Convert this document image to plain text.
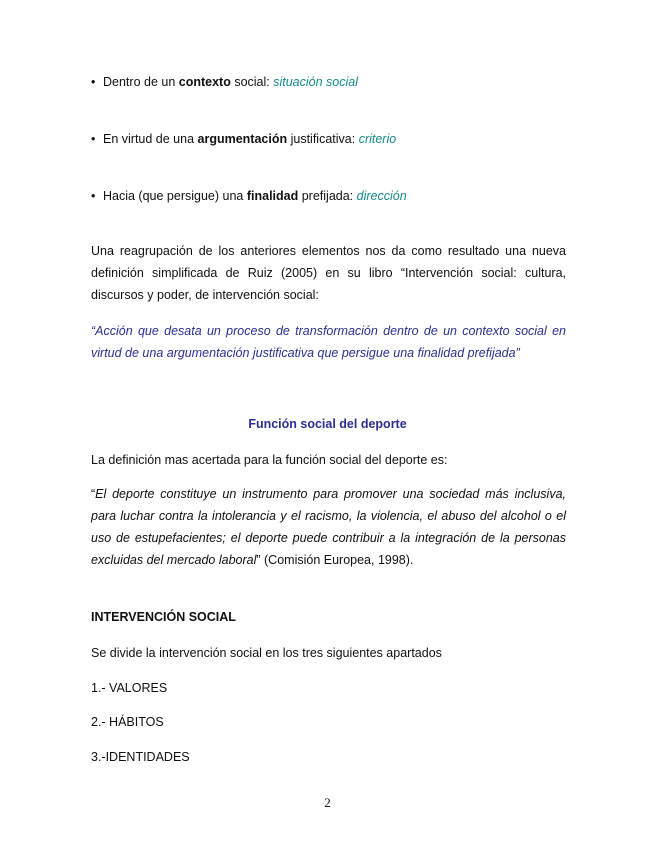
• Dentro de un contexto social: situación social
• En virtud de una argumentación justificativa: criterio
• Hacia (que persigue) una finalidad prefijada: dirección

Una reagrupación de los anteriores elementos nos da como resultado una nueva definición simplificada de Ruiz (2005) en su libro “Intervención social: cultura, discursos y poder, de intervención social:

“Acción que desata un proceso de transformación dentro de un contexto social en virtud de una argumentación justificativa que persigue una finalidad prefijada”

Función social del deporte

La definición mas acertada para la función social del deporte es:

“El deporte constituye un instrumento para promover una sociedad más inclusiva, para luchar contra la intolerancia y el racismo, la violencia, el abuso del alcohol o el uso de estupefacientes; el deporte puede contribuir a la integración de la personas excluidas del mercado laboral” (Comisión Europea, 1998).

INTERVENCIÓN SOCIAL

Se divide la intervención social en los tres siguientes apartados

1.- VALORES
2.- HÁBITOS
3.-IDENTIDADES
2
